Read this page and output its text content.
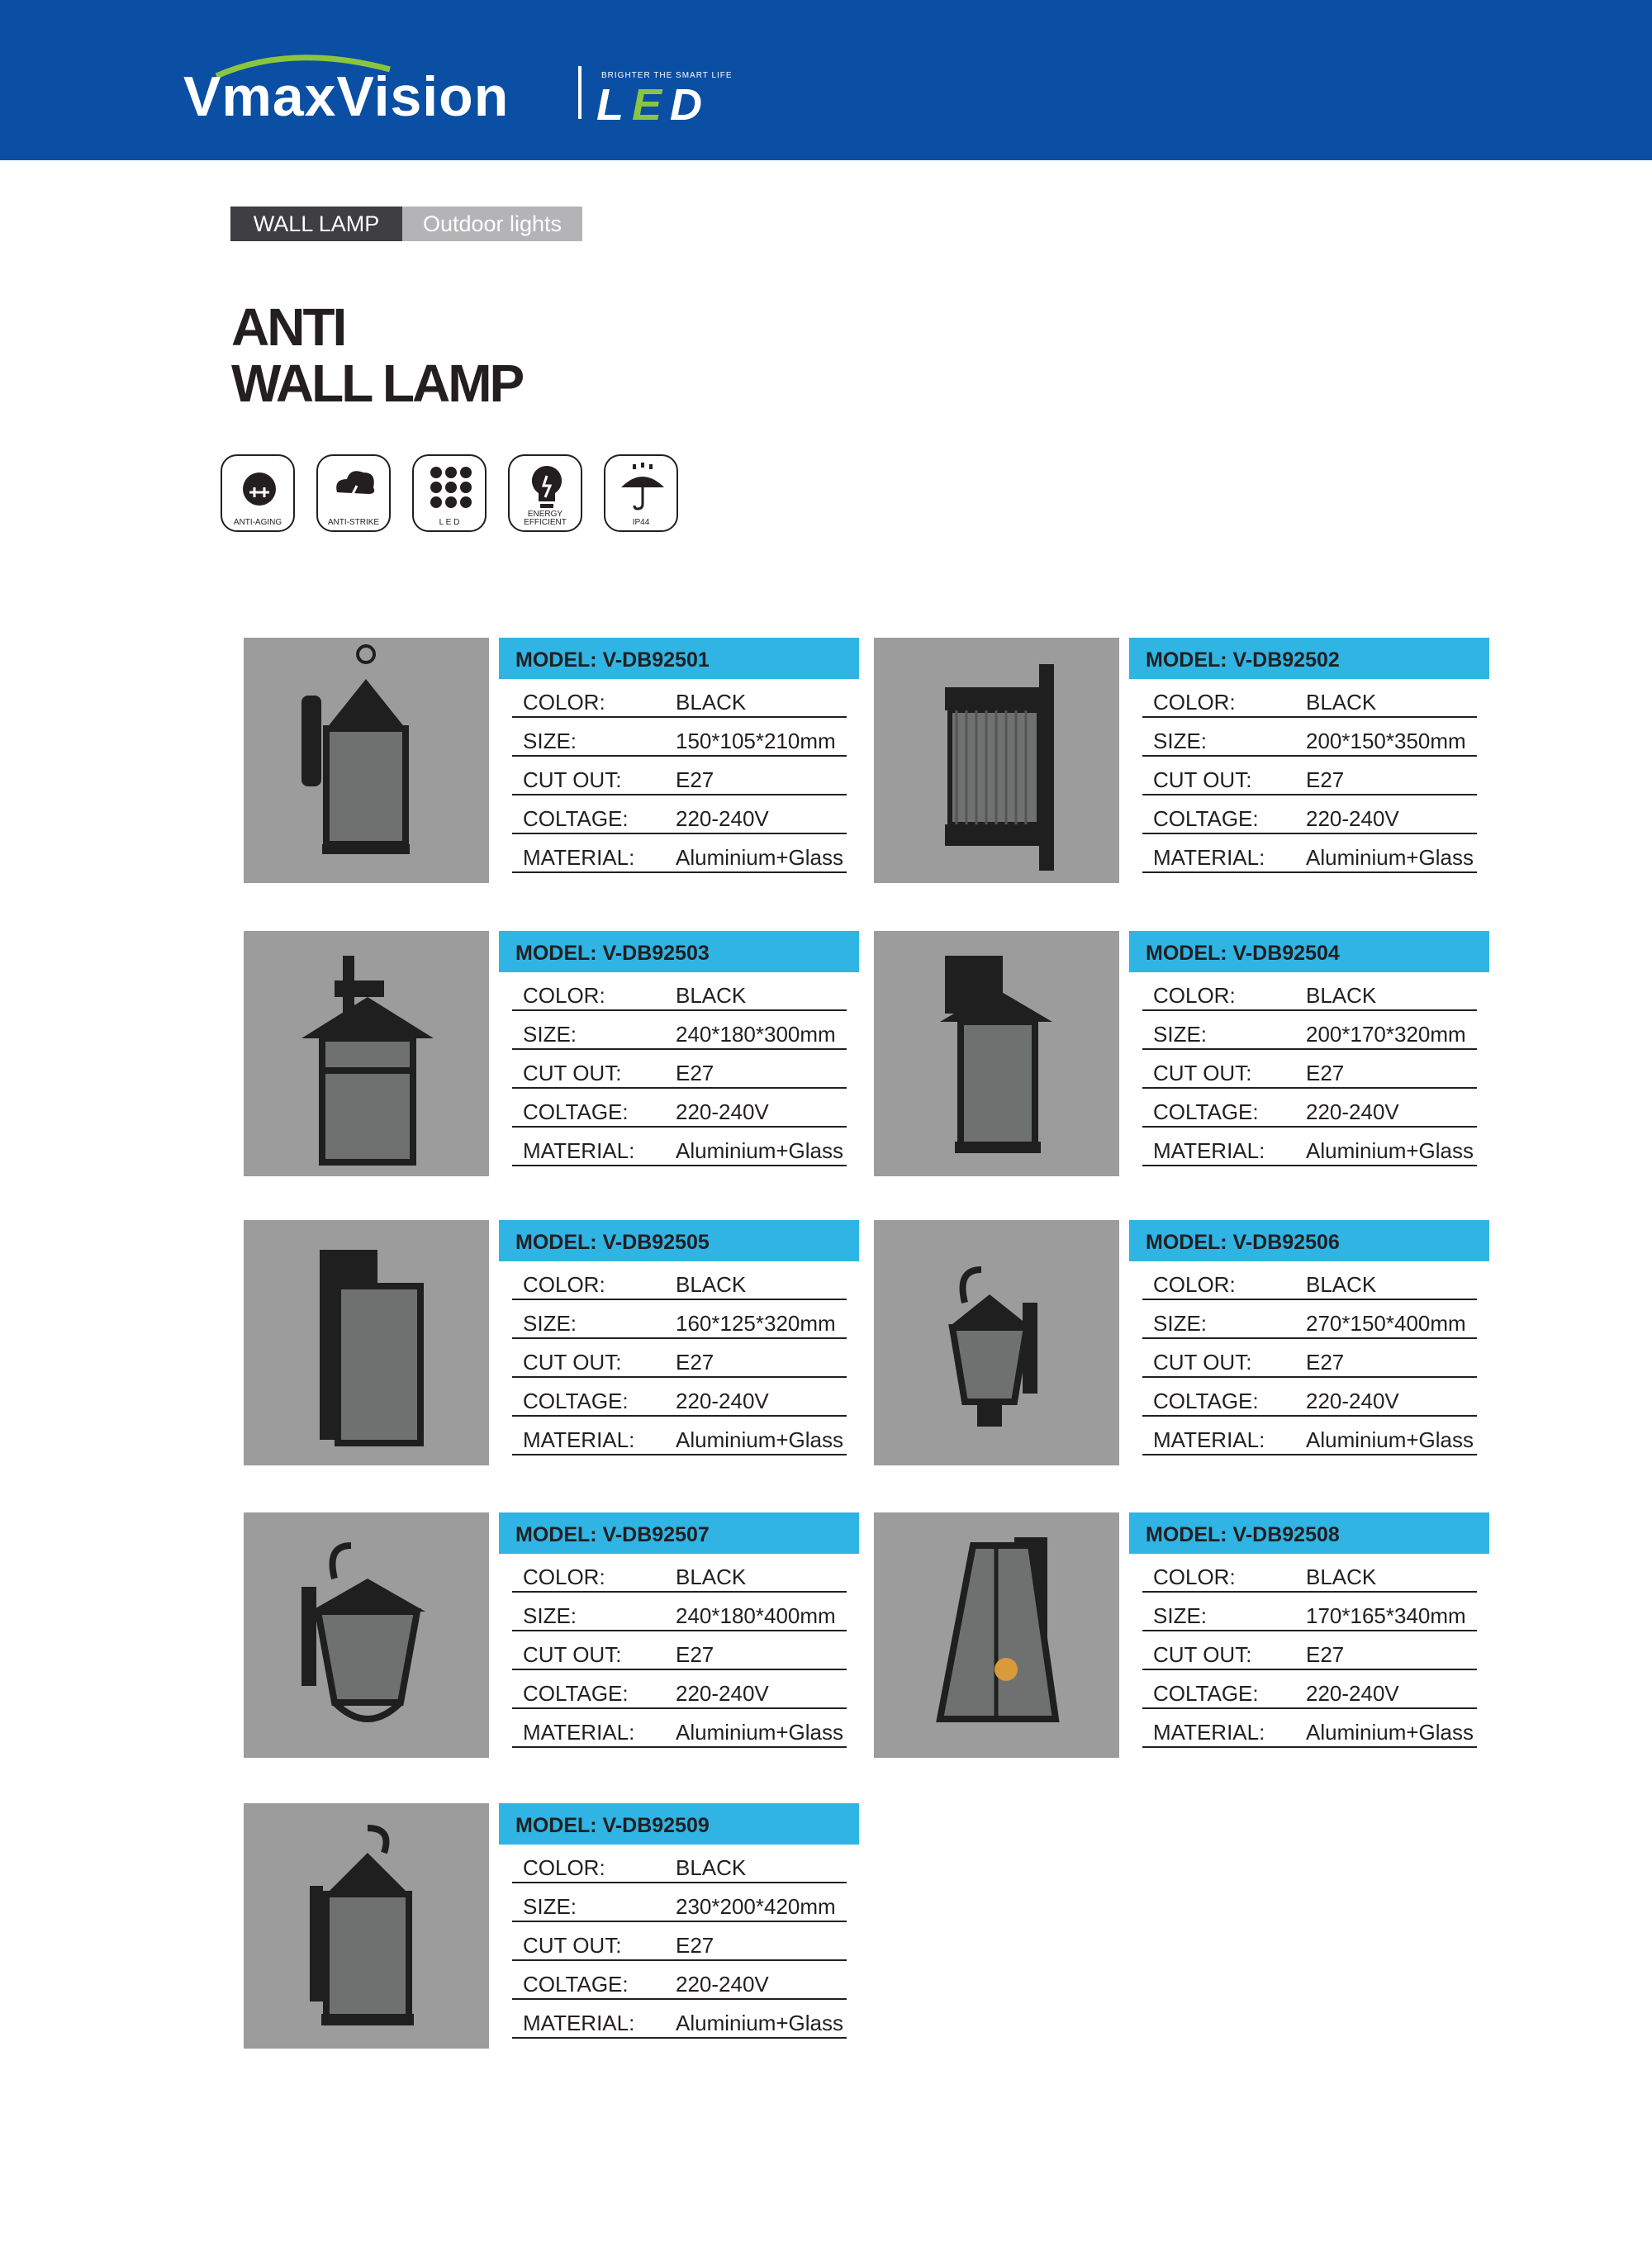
VmaxVision	BRIGHTER THE SMART LIFE
LED
WALL LAMP	Outdoor lights
ANTI
WALL LAMP
ANTI-AGING	ANTI-STRIKE	L E D
ENERGY EFFICIENT	IP44
MODEL: V-DB92501
COLOR:	BLACK
SIZE:	150*105*210mm
CUT OUT:	E27
COLTAGE: 220-240V
MATERIAL: Aluminium+Glass
MODEL: V-DB92502
COLOR:	BLACK
SIZE:	200*150*350mm
CUT OUT:	E27
COLTAGE: 220-240V
MATERIAL: Aluminium+Glass
MODEL: V-DB92503
COLOR:	BLACK
SIZE:	240*180*300mm
CUT OUT:	E27
COLTAGE: 220-240V
MATERIAL: Aluminium+Glass
MODEL: V-DB92504
COLOR:	BLACK
SIZE:	200*170*320mm
CUT OUT:	E27
COLTAGE: 220-240V
MATERIAL: Aluminium+Glass
MODEL: V-DB92505
COLOR:	BLACK
SIZE:	160*125*320mm
CUT OUT:	E27
COLTAGE: 220-240V
MATERIAL: Aluminium+Glass
MODEL: V-DB92506
COLOR:	BLACK
SIZE:	270*150*400mm
CUT OUT:	E27
COLTAGE: 220-240V
MATERIAL: Aluminium+Glass
MODEL: V-DB92507
COLOR:	BLACK
SIZE:	240*180*400mm
CUT OUT:	E27
COLTAGE: 220-240V
MATERIAL: Aluminium+Glass
MODEL: V-DB92508
COLOR:	BLACK
SIZE:	170*165*340mm
CUT OUT:	E27
COLTAGE: 220-240V
MATERIAL: Aluminium+Glass
MODEL: V-DB92509
COLOR:	BLACK
SIZE:	230*200*420mm
CUT OUT:	E27
COLTAGE: 220-240V
MATERIAL: Aluminium+Glass
